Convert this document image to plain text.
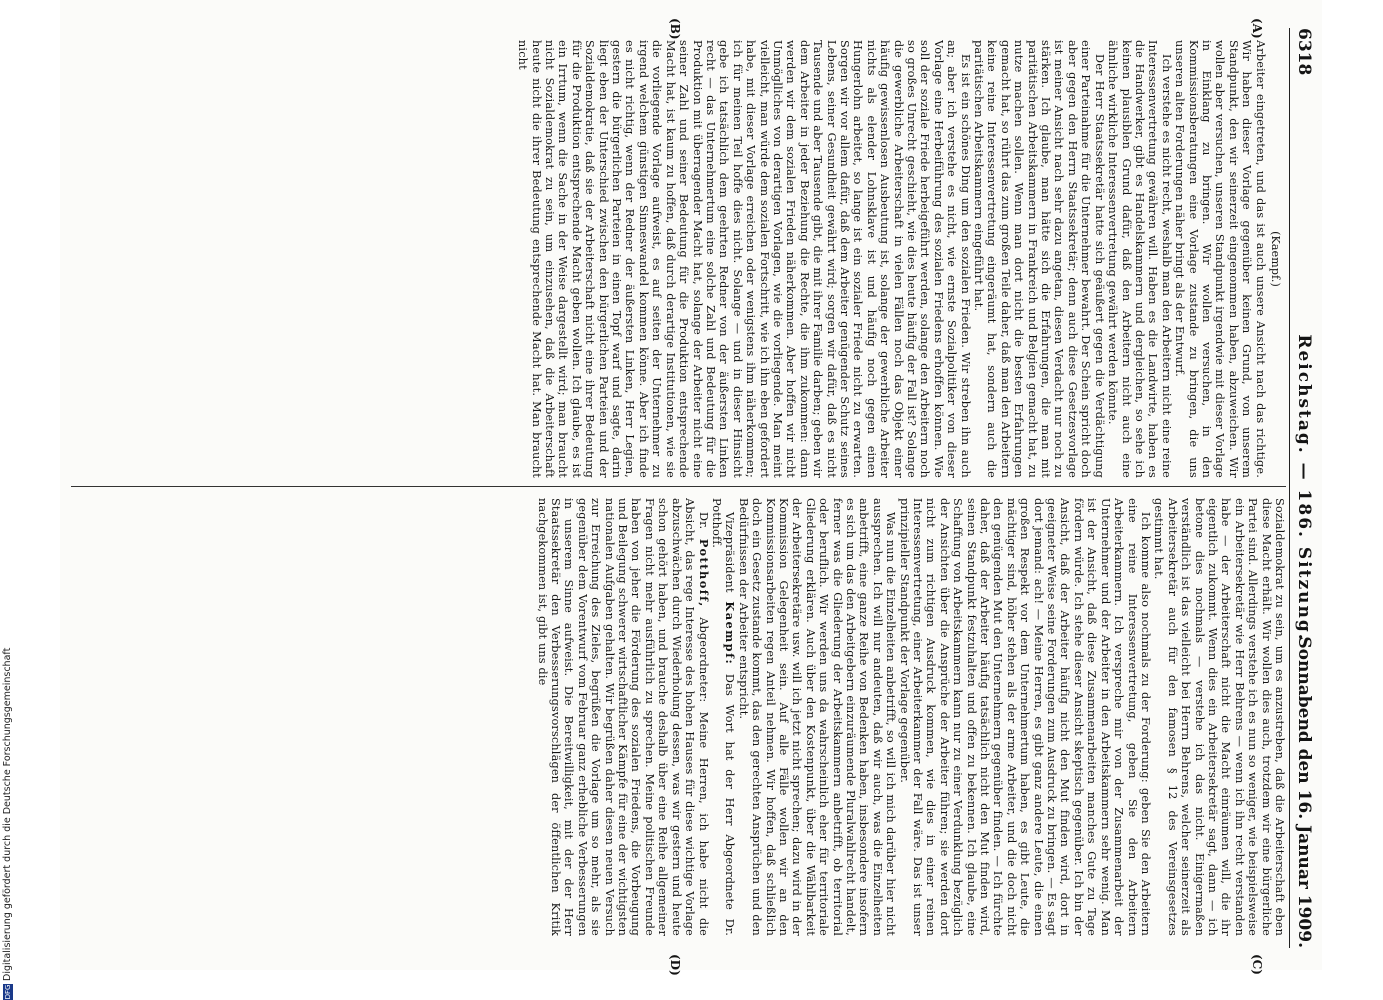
6318
Reichstag. — 186. Sitzung.
Sonnabend den 16. Januar 1909.
(A)
(B)
(C)
(D)

(Kaempf.)

Arbeiter eingetreten, und das ist auch unsere Ansicht nach das richtige. Wir haben dieser Vorlage gegenüber keinen Grund, von unserem Standpunkt, den wir seinerzeit eingenommen haben, abzuweichen. Wir wollen aber versuchen, unseren Standpunkt irgendwie mit dieser Vorlage in Einklang zu bringen. Wir wollen versuchen, in den Kommissionsberatungen eine Vorlage zustande zu bringen, die uns unseren alten Forderungen näher bringt als der Entwurf.

Ich verstehe es nicht recht, weshalb man den Arbeitern nicht eine reine Interessenvertretung gewähren will. Haben es die Landwirte, haben es die Handwerker, gibt es Handelskammern und dergleichen, so sehe ich keinen plausiblen Grund dafür, daß den Arbeitern nicht auch eine ähnliche wirkliche Interessenvertretung gewährt werden könnte.

Der Herr Staatssekretär hatte sich geäußert gegen die Verdächtigung einer Parteinahme für die Unternehmer bewahrt. Der Schein spricht doch aber gegen den Herrn Staatssekretär; denn auch diese Gesetzesvorlage ist meiner Ansicht nach sehr dazu angetan, diesen Verdacht nur noch zu stärken. Ich glaube, man hätte sich die Erfahrungen, die man mit paritätischen Arbeitskammern in Frankreich und Belgien gemacht hat, zu nutze machen sollen. Wenn man dort nicht die besten Erfahrungen gemacht hat, so rührt das zum großen Teile daher, daß man den Arbeitern keine reine Interessenvertretung eingeräumt hat, sondern auch die paritätischen Arbeitskammern eingeführt hat.

Es ist ein schönes Ding um den sozialen Frieden. Wir streben ihn auch an; aber ich verstehe es nicht, wie ernste Sozialpolitiker von dieser Vorlage eine Herbeiführung des sozialen Friedens erhoffen können. Wie soll der soziale Friede herbeigeführt werden, solange den Arbeitern noch so großes Unrecht geschieht, wie dies heute häufig der Fall ist? Solange die gewerbliche Arbeiterschaft in vielen Fällen noch das Objekt einer häufig gewissenlosen Ausbeutung ist, solange der gewerbliche Arbeiter nichts als elender Lohnsklave ist und häufig noch gegen einen Hungerlohn arbeitet, so lange ist ein sozialer Friede nicht zu erwarten. Sorgen wir vor allem dafür, daß dem Arbeiter genügender Schutz seines Lebens, seiner Gesundheit gewährt wird; sorgen wir dafür, daß es nicht Tausende und aber Tausende gibt, die mit ihrer Familie darben; geben wir dem Arbeiter in jeder Beziehung die Rechte, die ihm zukommen: dann werden wir dem sozialen Frieden näherkommen. Aber hoffen wir nicht Unmöglliches von derartigen Vorlagen, wie die vorliegende. Man meint vielleicht, man würde dem sozialen Fortschritt, wie ich ihn eben gefordert habe, mit dieser Vorlage erreichen oder wenigstens ihm näherkommen; ich für meinen Teil hoffe dies nicht. Solange — und in dieser Hinsicht gebe ich tatsächlich dem geehrten Redner von der äußersten Linken recht — das Unternehmertum eine solche Zahl und Bedeutung für die Produktion mit überragender Macht hat, solange der Arbeiter nicht eine seiner Zahl und seiner Bedeutung für die Produktion entsprechende Macht hat, ist kaum zu hoffen, daß durch derartige Institutionen, wie sie die vorliegende Vorlage aufweist, es auf seiten der Unternehmer zu irgend welchem günstigen Sinneswandel kommen könne. Aber ich finde es nicht richtig, wenn der Redner der äußersten Linken, Herr Legien, gestern die bürgerlichen Parteien in einen Topf warf und sagte, darin liegt eben der Unterschied zwischen den bürgerlichen Parteien und der Sozialdemokratie, daß sie der Arbeiterschaft nicht eine ihrer Bedeutung für die Produktion entsprechende Macht geben wollen. Ich glaube, es ist ein Irrtum, wenn die Sache in der Weise dargestellt wird; man braucht nicht Sozialdemokrat zu sein, um einzusehen, daß die Arbeiterschaft heute nicht die ihrer Bedeutung entsprechende Macht hat. Man braucht nicht

Sozialdemokrat zu sein, um es anzustreben, daß die Arbeiterschaft eben diese Macht erhält. Wir wollen dies auch, trotzdem wir eine bürgerliche Partei sind. Allerdings verstehe ich es nun so weniger, wie beispielsweise ein Arbeitersekretär wie Herr Behrens — wenn ich ihn recht verstanden habe — der Arbeiterschaft nicht die Macht einräumen will, die ihr eigentlich zukommt. Wenn dies ein Arbeitersekretär sagt, dann — ich betone dies nochmals — verstehe ich das nicht. Einigermaßen verständlich ist das vielleicht bei Herrn Behrens, welcher seinerzeit als Arbeitersekretär auch für den famosen § 12 des Vereinsgesetzes gestimmt hat.

Ich komme also nochmals zu der Forderung: geben Sie den Arbeitern eine reine Interessenvertretung, geben Sie den Arbeitern Arbeiterkammern. Ich verspreche mir von der Zusammenarbeit der Unternehmer und der Arbeiter in den Arbeitskammern sehr wenig. Man ist der Ansicht, daß diese Zusammenarbeiten manches Gute zu Tage fördern würde. Ich stehe dieser Ansicht skeptisch gegenüber. Ich bin der Ansicht, daß der Arbeiter häufig nicht den Mut finden wird, dort in geeigneter Weise seine Forderungen zum Ausdruck zu bringen. — Es sagt dort jemand: ach! — Meine Herren, es gibt ganz andere Leute, die einen großen Respekt vor dem Unternehmertum haben, es gibt Leute, die mächtiger sind, höher stehen als der arme Arbeiter, und die doch nicht den genügenden Mut den Unternehmern gegenüber finden. — Ich fürchte daher, daß der Arbeiter häufig tatsächlich nicht den Mut finden wird, seinen Standpunkt festzuhalten und offen zu bekennen. Ich glaube, eine Schaffung von Arbeitskammern kann nur zu einer Verdunklung bezüglich der Ansichten über die Ansprüche der Arbeiter führen; sie werden dort nicht zum richtigen Ausdruck kommen, wie dies in einer reinen Interessenvertretung, einer Arbeiterkammer der Fall wäre. Das ist unser prinzipieller Standpunkt der Vorlage gegenüber.

Was nun die Einzelheiten anbetrifft, so will ich mich darüber hier nicht aussprechen. Ich will nur andeuten, daß wir auch, was die Einzelheiten anbetrifft, eine ganze Reihe von Bedenken haben, insbesondere insofern es sich um das den Arbeitgebern einzuräumende Pluralwahlrecht handelt, ferner was die Gliederung der Arbeitskammern anbetrifft, ob territorial oder beruflich. Wir werden uns da wahrscheinlich eher für territoriale Gliederung erklären. Auch über den Kostenpunkt, über die Wählbarkeit der Arbeitersekretäre usw. will ich jetzt nicht sprechen; dazu wird in der Kommission Gelegenheit sein. Auf alle Fälle wollen wir an den Kommissionsarbeiten regen Anteil nehmen. Wir hoffen, daß schließlich doch ein Gesetz zustande kommt, das den gerechten Ansprüchen und den Bedürfnissen der Arbeiter entspricht.

Vizepräsident Kaempf: Das Wort hat der Herr Abgeordnete Dr. Potthoff.

Dr. Potthoff, Abgeordneter: Meine Herren, ich habe nicht die Absicht, das rege Interesse des hohen Hauses für diese wichtige Vorlage abzuschwächen durch Wiederholung dessen, was wir gestern und heute schon gehört haben, und brauche deshalb über eine Reihe allgemeiner Fragen nicht mehr ausführlich zu sprechen. Meine politischen Freunde haben von jeher die Förderung des sozialen Friedens, die Vorbeugung und Beilegung schwerer wirtschaftlicher Kämpfe für eine der wichtigsten nationalen Aufgaben gehalten. Wir begrüßen daher diesen neuen Versuch zur Erreichung des Zieles, begrüßen die Vorlage um so mehr, als sie gegenüber dem Vorentwurf vom Februar ganz erhebliche Verbesserungen in unserem Sinne aufweist. Die Bereitwilligkeit, mit der der Herr Staatssekretär den Verbesserungsvorschlägen der öffentlichen Kritik nachgekommen ist, gibt uns die

DFGDigitalisierung gefördert durch die Deutsche Forschungsgemeinschaft
